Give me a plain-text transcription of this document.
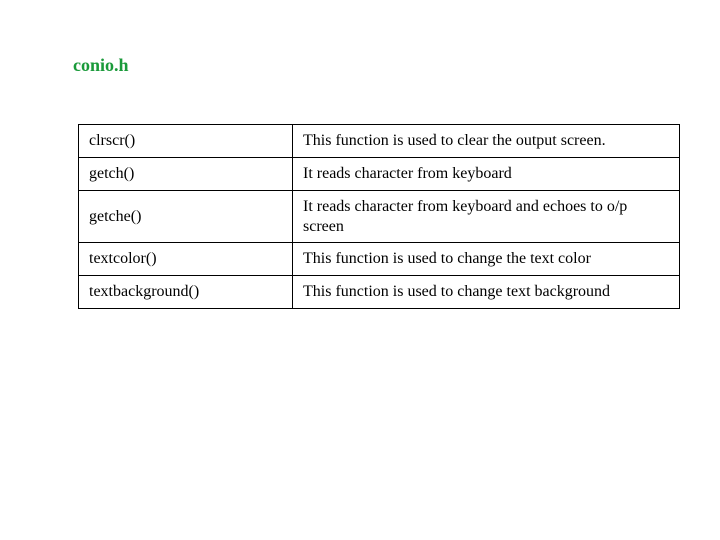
conio.h
clrscr()	This function is used to clear the output screen.
getch()	It reads character from keyboard
getche()	It reads character from keyboard and echoes to o/p screen
textcolor()	This function is used to change the text color
textbackground()	This function is used to change text background
